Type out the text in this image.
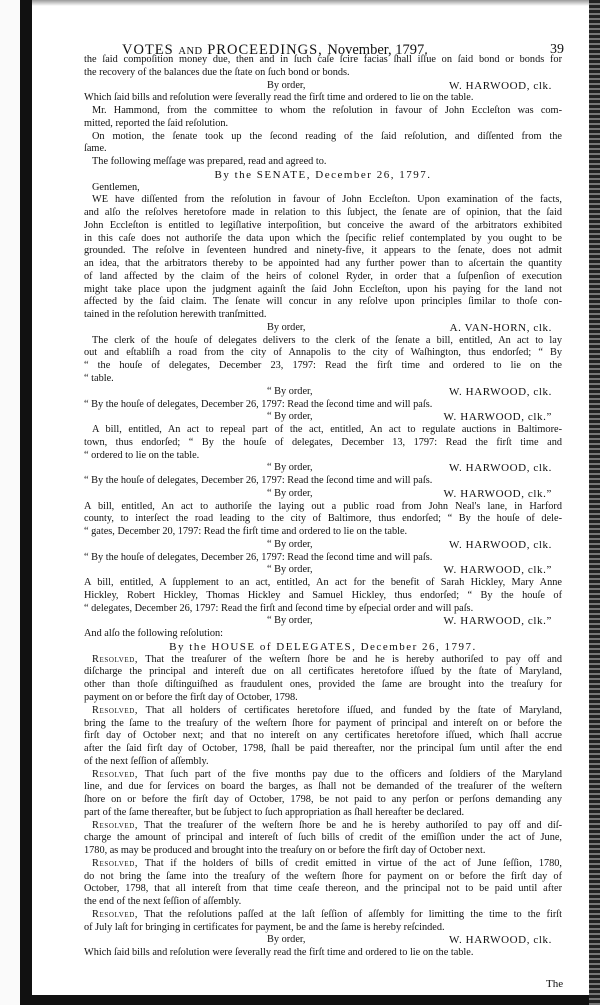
VOTES AND PROCEEDINGS, November, 1797.	39
the ſaid compoſition money due, then and in ſuch caſe ſcire facias ſhall iſſue on ſaid bond or bonds for
the recovery of the balances due the ſtate on ſuch bond or bonds.
By order,	W. HARWOOD, clk.
Which ſaid bills and reſolution were ſeverally read the firſt time and ordered to lie on the table.
Mr. Hammond, from the committee to whom the reſolution in favour of John Eccleſton was com-
mitted, reported the ſaid reſolution.
On motion, the ſenate took up the ſecond reading of the ſaid reſolution, and diſſented from the
ſame.
The following meſſage was prepared, read and agreed to.
By the SENATE, December 26, 1797.
Gentlemen,
WE have diſſented from the reſolution in favour of John Eccleſton. Upon examination of the facts,
and alſo the reſolves heretofore made in relation to this ſubject, the ſenate are of opinion, that the ſaid
John Eccleſton is entitled to legiſlative interpoſition, but conceive the award of the arbitrators exhibited
in this caſe does not authoriſe the data upon which the ſpecific relief contemplated by you ought to be
grounded. The reſolve in ſeventeen hundred and ninety-five, it appears to the ſenate, does not admit
an idea, that the arbitrators thereby to be appointed had any further power than to aſcertain the quantity
of land affected by the claim of the heirs of colonel Ryder, in order that a ſuſpenſion of execution
might take place upon the judgment againſt the ſaid John Eccleſton, upon his paying for the land not
affected by the ſaid claim. The ſenate will concur in any reſolve upon principles ſimilar to thoſe con-
tained in the reſolution herewith tranſmitted.
By order,	A. VAN-HORN, clk.
The clerk of the houſe of delegates delivers to the clerk of the ſenate a bill, entitled, An act to lay
out and eſtabliſh a road from the city of Annapolis to the city of Waſhington, thus endorſed; “ By
“ the houſe of delegates, December 23, 1797: Read the firſt time and ordered to lie on the
“ table.
“ By order,	W. HARWOOD, clk.
“ By the houſe of delegates, December 26, 1797: Read the ſecond time and will paſs.
“ By order,	W. HARWOOD, clk.”
A bill, entitled, An act to repeal part of the act, entitled, An act to regulate auctions in Baltimore-
town, thus endorſed; “ By the houſe of delegates, December 13, 1797: Read the firſt time and
“ ordered to lie on the table.
“ By order,	W. HARWOOD, clk.
“ By the houſe of delegates, December 26, 1797: Read the ſecond time and will paſs.
“ By order,	W. HARWOOD, clk.”
A bill, entitled, An act to authoriſe the laying out a public road from John Neal's lane, in Harford
county, to interſect the road leading to the city of Baltimore, thus endorſed; “ By the houſe of dele-
“ gates, December 20, 1797: Read the firſt time and ordered to lie on the table.
“ By order,	W. HARWOOD, clk.
“ By the houſe of delegates, December 26, 1797: Read the ſecond time and will paſs.
“ By order,	W. HARWOOD, clk.”
A bill, entitled, A ſupplement to an act, entitled, An act for the benefit of Sarah Hickley, Mary Anne
Hickley, Robert Hickley, Thomas Hickley and Samuel Hickley, thus endorſed; “ By the houſe of
“ delegates, December 26, 1797: Read the firſt and ſecond time by eſpecial order and will paſs.
“ By order,	W. HARWOOD, clk.”
And alſo the following reſolution:
By the HOUSE of DELEGATES, December 26, 1797.
Resolved, That the treaſurer of the weſtern ſhore be and he is hereby authoriſed to pay off and
diſcharge the principal and intereſt due on all certificates heretofore iſſued by the ſtate of Maryland,
other than thoſe diſtinguiſhed as fraudulent ones, provided the ſame are brought into the treaſury for
payment on or before the firſt day of October, 1798.
Resolved, That all holders of certificates heretofore iſſued, and funded by the ſtate of Maryland,
bring the ſame to the treaſury of the weſtern ſhore for payment of principal and intereſt on or before the
firſt day of October next; and that no intereſt on any certificates heretofore iſſued, which ſhall accrue
after the ſaid firſt day of October, 1798, ſhall be paid thereafter, nor the principal ſum until after the end
of the next ſeſſion of aſſembly.
Resolved, That ſuch part of the five months pay due to the officers and ſoldiers of the Maryland
line, and due for ſervices on board the barges, as ſhall not be demanded of the treaſurer of the weſtern
ſhore on or before the firſt day of October, 1798, be not paid to any perſon or perſons demanding any
part of the ſame thereafter, but be ſubject to ſuch appropriation as ſhall hereafter be declared.
Resolved, That the treaſurer of the weſtern ſhore be and he is hereby authoriſed to pay off and diſ-
charge the amount of principal and intereſt of ſuch bills of credit of the emiſſion under the act of June,
1780, as may be produced and brought into the treaſury on or before the firſt day of October next.
Resolved, That if the holders of bills of credit emitted in virtue of the act of June ſeſſion, 1780,
do not bring the ſame into the treaſury of the weſtern ſhore for payment on or before the firſt day of
October, 1798, that all intereſt from that time ceaſe thereon, and the principal not to be paid until after
the end of the next ſeſſion of aſſembly.
Resolved, That the reſolutions paſſed at the laſt ſeſſion of aſſembly for limitting the time to the firſt
of July laſt for bringing in certificates for payment, be and the ſame is hereby reſcinded.
By order,	W. HARWOOD, clk.
Which ſaid bills and reſolution were ſeverally read the firſt time and ordered to lie on the table.
The
